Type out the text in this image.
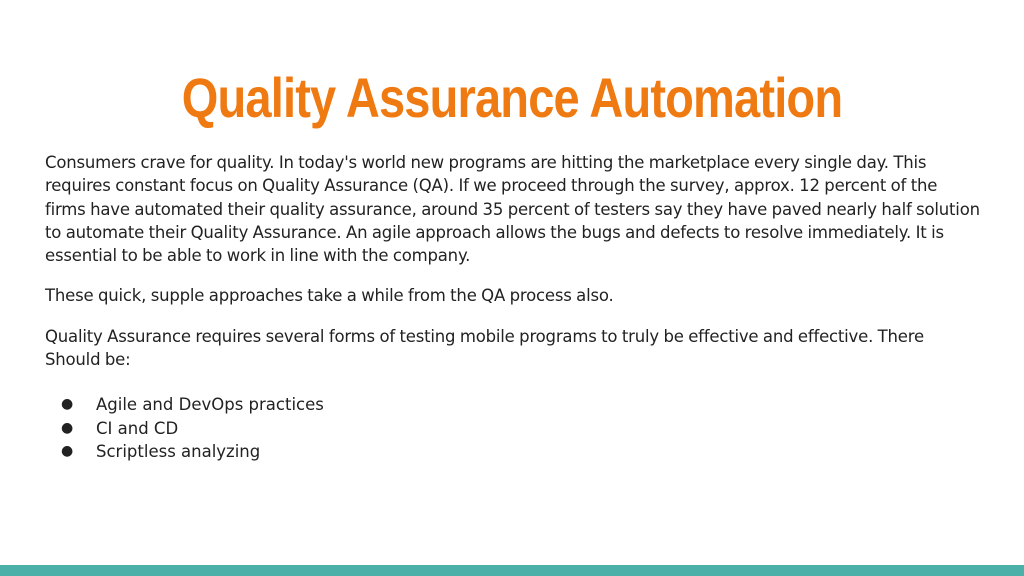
Quality Assurance Automation

Consumers crave for quality. In today's world new programs are hitting the marketplace every single day. This requires constant focus on Quality Assurance (QA). If we proceed through the survey, approx. 12 percent of the firms have automated their quality assurance, around 35 percent of testers say they have paved nearly half solution to automate their Quality Assurance. An agile approach allows the bugs and defects to resolve immediately. It is essential to be able to work in line with the company.

These quick, supple approaches take a while from the QA process also.

Quality Assurance requires several forms of testing mobile programs to truly be effective and effective. There Should be:

● Agile and DevOps practices
● CI and CD
● Scriptless analyzing
